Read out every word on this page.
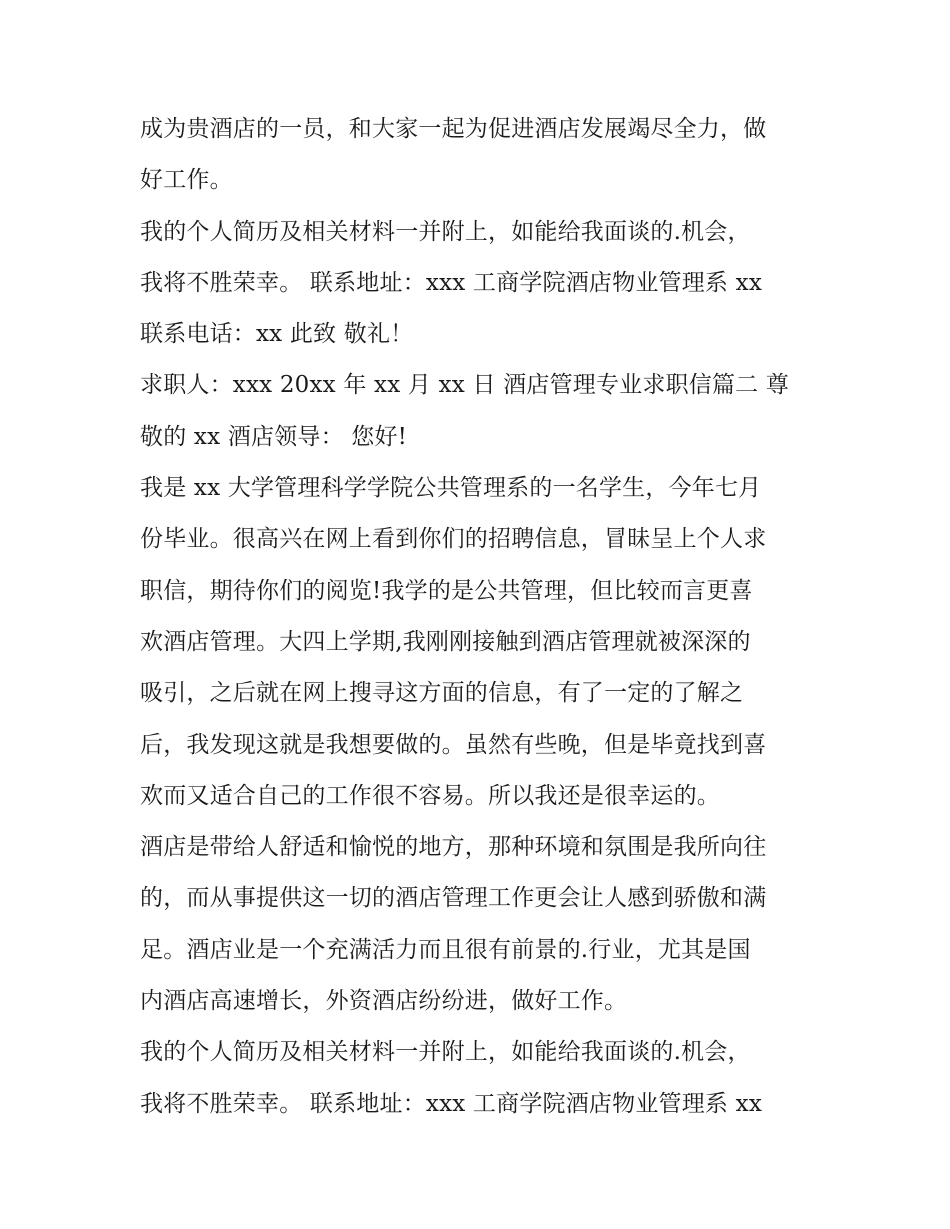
成为贵酒店的一员，和大家一起为促进酒店发展竭尽全力，做
好工作。
我的个人简历及相关材料一并附上，如能给我面谈的.机会，
我将不胜荣幸。 联系地址：xxx 工商学院酒店物业管理系 xx
联系电话：xx 此致 敬礼！
求职人：xxx 20xx 年 xx 月 xx 日 酒店管理专业求职信篇二 尊
敬的 xx 酒店领导： 您好!
我是 xx 大学管理科学学院公共管理系的一名学生，今年七月
份毕业。很高兴在网上看到你们的招聘信息，冒昧呈上个人求
职信，期待你们的阅览!我学的是公共管理，但比较而言更喜
欢酒店管理。大四上学期,我刚刚接触到酒店管理就被深深的
吸引，之后就在网上搜寻这方面的信息，有了一定的了解之
后，我发现这就是我想要做的。虽然有些晚，但是毕竟找到喜
欢而又适合自己的工作很不容易。所以我还是很幸运的。
酒店是带给人舒适和愉悦的地方，那种环境和氛围是我所向往
的，而从事提供这一切的酒店管理工作更会让人感到骄傲和满
足。酒店业是一个充满活力而且很有前景的.行业，尤其是国
内酒店高速增长，外资酒店纷纷进，做好工作。
我的个人简历及相关材料一并附上，如能给我面谈的.机会，
我将不胜荣幸。 联系地址：xxx 工商学院酒店物业管理系 xx
